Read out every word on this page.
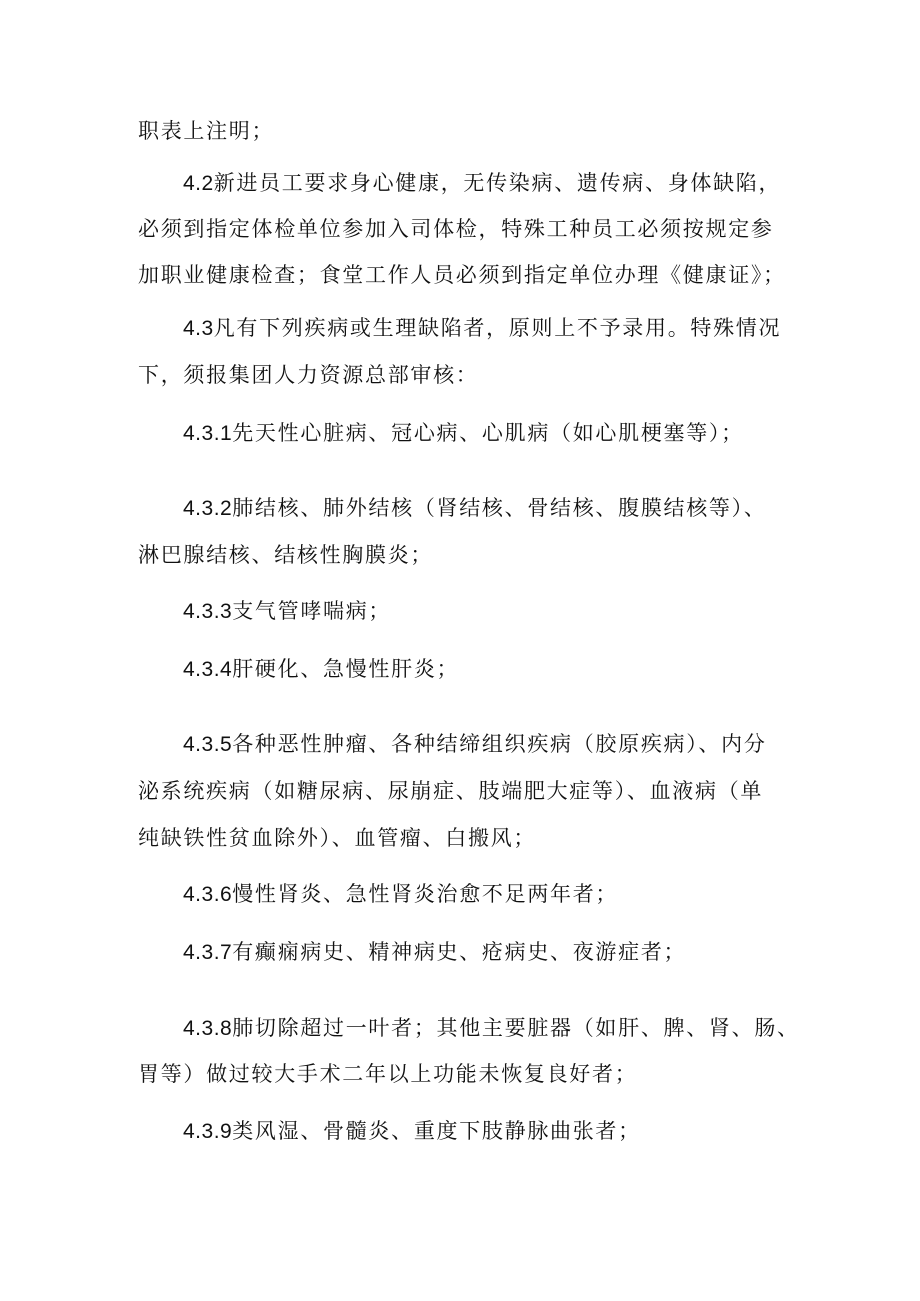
职表上注明；
4.2新进员工要求身心健康，无传染病、遗传病、身体缺陷，
必须到指定体检单位参加入司体检，特殊工种员工必须按规定参
加职业健康检查；食堂工作人员必须到指定单位办理《健康证》；
4.3凡有下列疾病或生理缺陷者，原则上不予录用。特殊情况
下，须报集团人力资源总部审核：
4.3.1先天性心脏病、冠心病、心肌病（如心肌梗塞等）；
4.3.2肺结核、肺外结核（肾结核、骨结核、腹膜结核等）、
淋巴腺结核、结核性胸膜炎；
4.3.3支气管哮喘病；
4.3.4肝硬化、急慢性肝炎；
4.3.5各种恶性肿瘤、各种结缔组织疾病（胶原疾病）、内分
泌系统疾病（如糖尿病、尿崩症、肢端肥大症等）、血液病（单
纯缺铁性贫血除外）、血管瘤、白搬风；
4.3.6慢性肾炎、急性肾炎治愈不足两年者；
4.3.7有癫痫病史、精神病史、疮病史、夜游症者；
4.3.8肺切除超过一叶者；其他主要脏器（如肝、脾、肾、肠、
胃等）做过较大手术二年以上功能未恢复良好者；
4.3.9类风湿、骨髓炎、重度下肢静脉曲张者；
